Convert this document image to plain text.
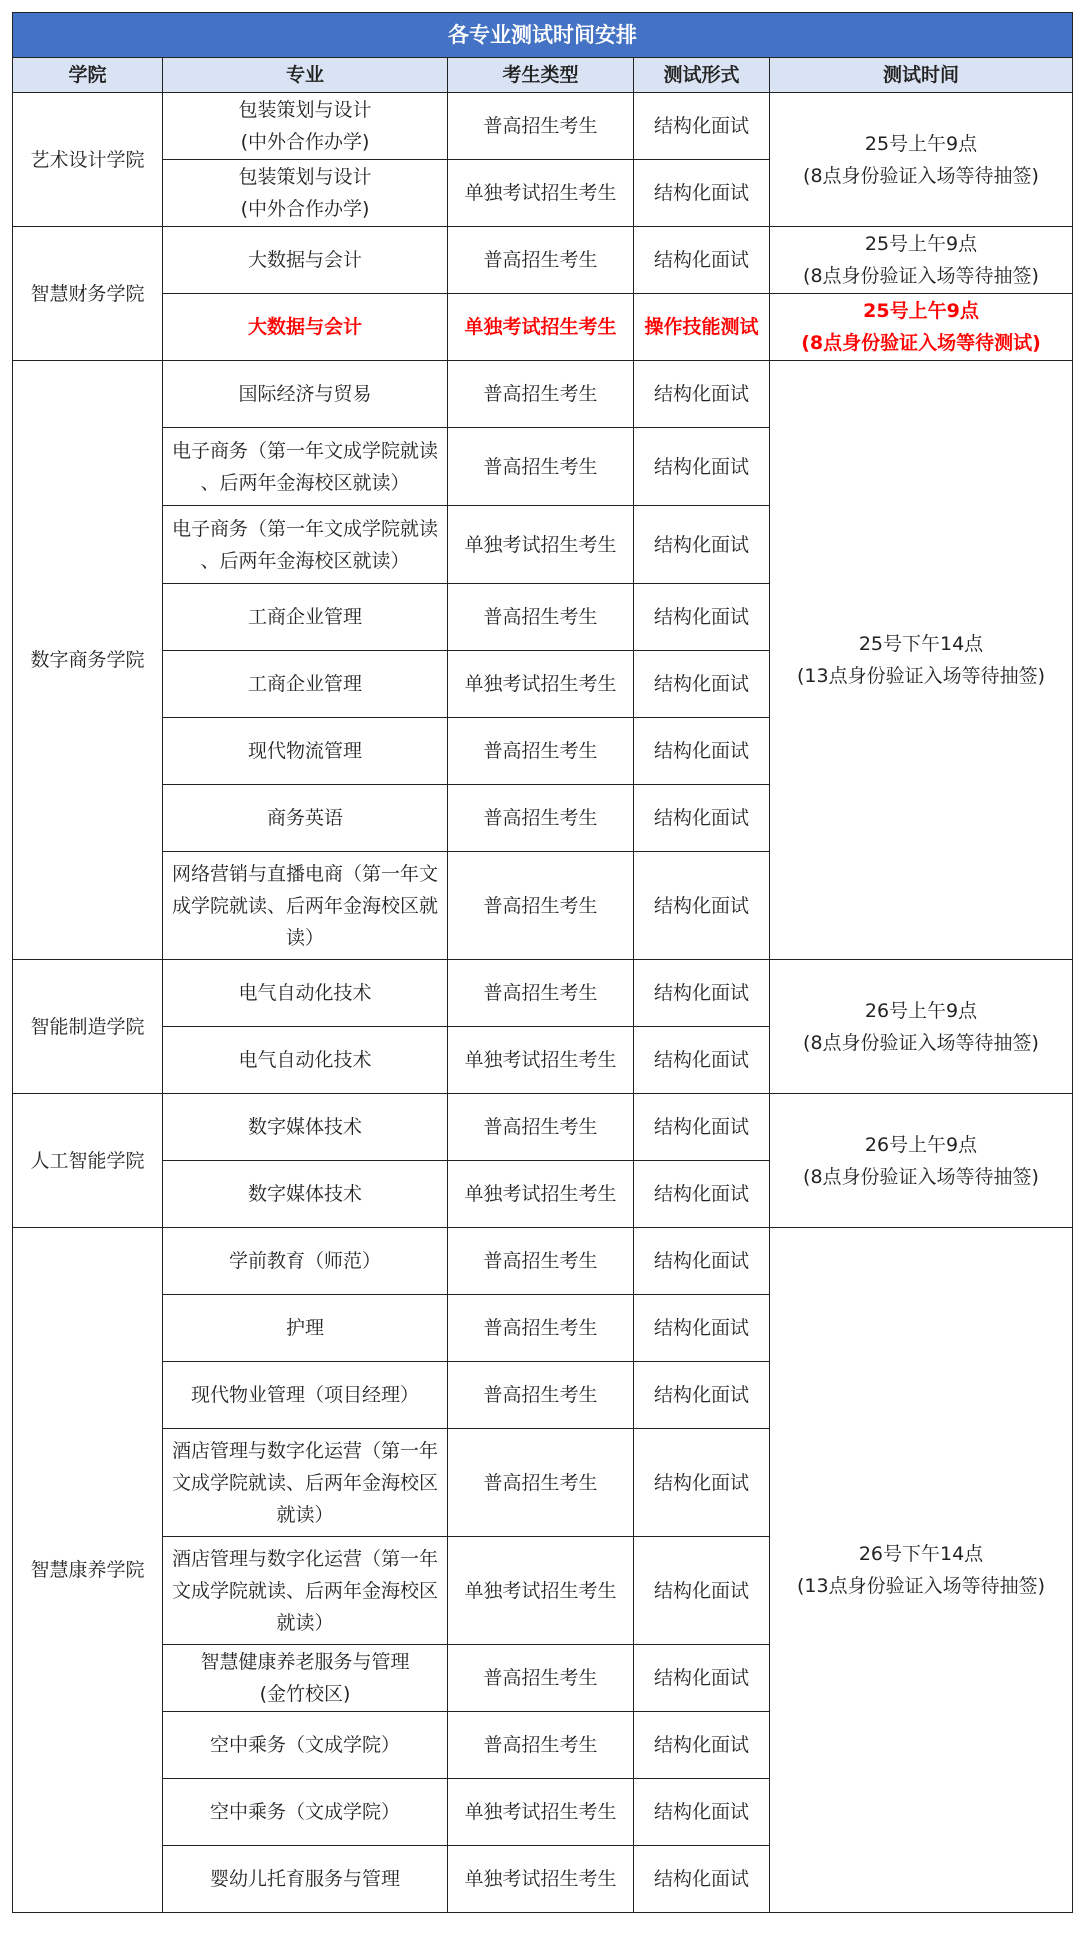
各专业测试时间安排				
学院	专业	考生类型	测试形式	测试时间
艺术设计学院	包装策划与设计
(中外合作办学)	普高招生考生	结构化面试	25号上午9点
(8点身份验证入场等待抽签)

	包装策划与设计
(中外合作办学)	单独考试招生考生	结构化面试	
智慧财务学院	大数据与会计	普高招生考生	结构化面试	25号上午9点
(8点身份验证入场等待抽签)

	大数据与会计	单独考试招生考生	操作技能测试	25号上午9点
(8点身份验证入场等待测试)

数字商务学院	国际经济与贸易	普高招生考生	结构化面试	25号下午14点
(13点身份验证入场等待抽签)

	电子商务（第一年文成学院就读
、后两年金海校区就读）	普高招生考生	结构化面试	

	电子商务（第一年文成学院就读
、后两年金海校区就读）	单独考试招生考生	结构化面试	

	工商企业管理	普高招生考生	结构化面试	

	工商企业管理	单独考试招生考生	结构化面试	

	现代物流管理	普高招生考生	结构化面试	

	商务英语	普高招生考生	结构化面试	

	网络营销与直播电商（第一年文
成学院就读、后两年金海校区就
读）	普高招生考生	结构化面试	
智能制造学院	电气自动化技术	普高招生考生	结构化面试	26号上午9点
(8点身份验证入场等待抽签)

	电气自动化技术	单独考试招生考生	结构化面试	
人工智能学院	数字媒体技术	普高招生考生	结构化面试	26号上午9点
(8点身份验证入场等待抽签)

	数字媒体技术	单独考试招生考生	结构化面试	
智慧康养学院	学前教育（师范）	普高招生考生	结构化面试	26号下午14点
(13点身份验证入场等待抽签)

	护理	普高招生考生	结构化面试	

	现代物业管理（项目经理）	普高招生考生	结构化面试	

	酒店管理与数字化运营（第一年
文成学院就读、后两年金海校区
就读）	普高招生考生	结构化面试	

	酒店管理与数字化运营（第一年
文成学院就读、后两年金海校区
就读）	单独考试招生考生	结构化面试	

	智慧健康养老服务与管理
(金竹校区)	普高招生考生	结构化面试	

	空中乘务（文成学院）	普高招生考生	结构化面试	

	空中乘务（文成学院）	单独考试招生考生	结构化面试	

	婴幼儿托育服务与管理	单独考试招生考生	结构化面试	
